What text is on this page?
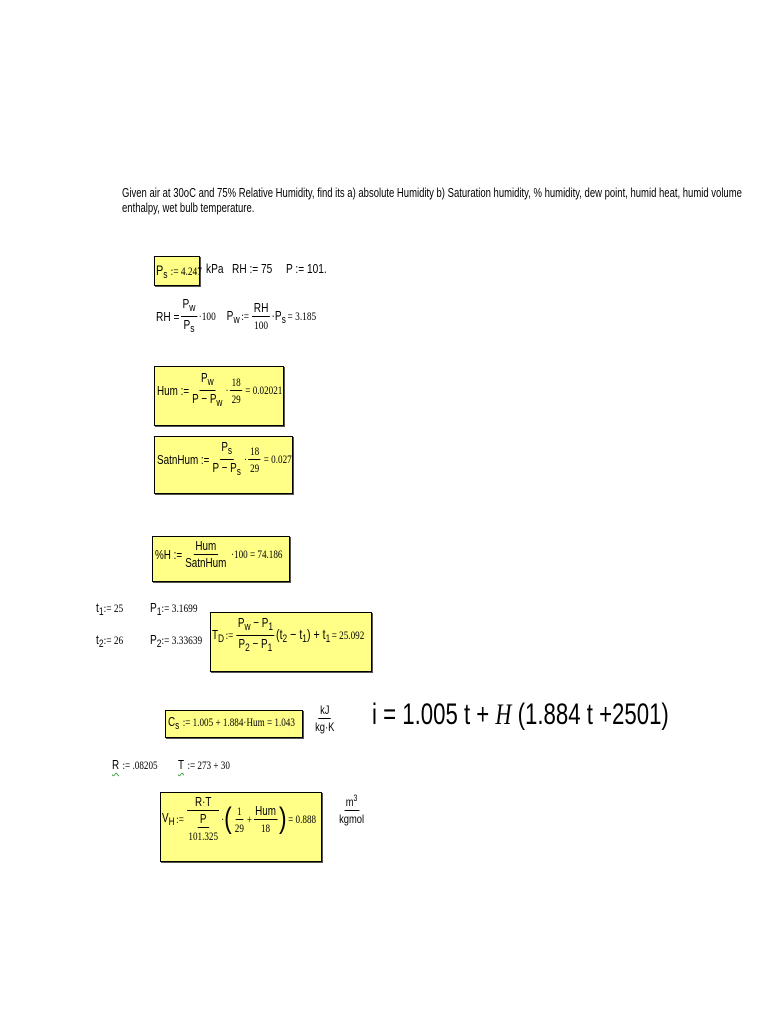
Given air at 30oC and 75% Relative Humidity, find its a) absolute Humidity b) Saturation humidity, % humidity, dew point, humid heat, humid volume
enthalpy, wet bulb temperature.
$P_s$ := 4.247 kPa RH := 75 P := 101.
RH = $\frac{P_w}{P_s} \cdot 100$ $P_w$ := $\frac{RH}{100} \cdot P_s = 3.185$
Hum := $\frac{P_w}{P - P_w} \cdot \frac{18}{29} = 0.02021$
SatnHum := $\frac{P_s}{P - P_s} \cdot \frac{18}{29} = 0.027$
%H := $\frac{\text{Hum}}{\text{SatnHum}} \cdot 100 = 74.186$
$t_1:= 25$ $P_1:= 3.1699$
$t_2:= 26$ $P_2:= 3.33639$ $T_D$ := $\frac{P_w - P_1}{P_2 - P_1} (t_2 - t_1) + t_1 = 25.092$
$C_s$ := $1.005 + 1.884\cdot Hum = 1.043 \frac{kJ}{kg\cdot K}$ i = 1.005 t + H (1.884 t +2501)
R := .08205 T := 273 + 30
$V_H$ := R·T
P
101.325 · ( $\frac{1}{29} + \frac{\text{Hum}}{18}$ ) = $0.888 \frac{m^3}{\text{kgmol}}$
